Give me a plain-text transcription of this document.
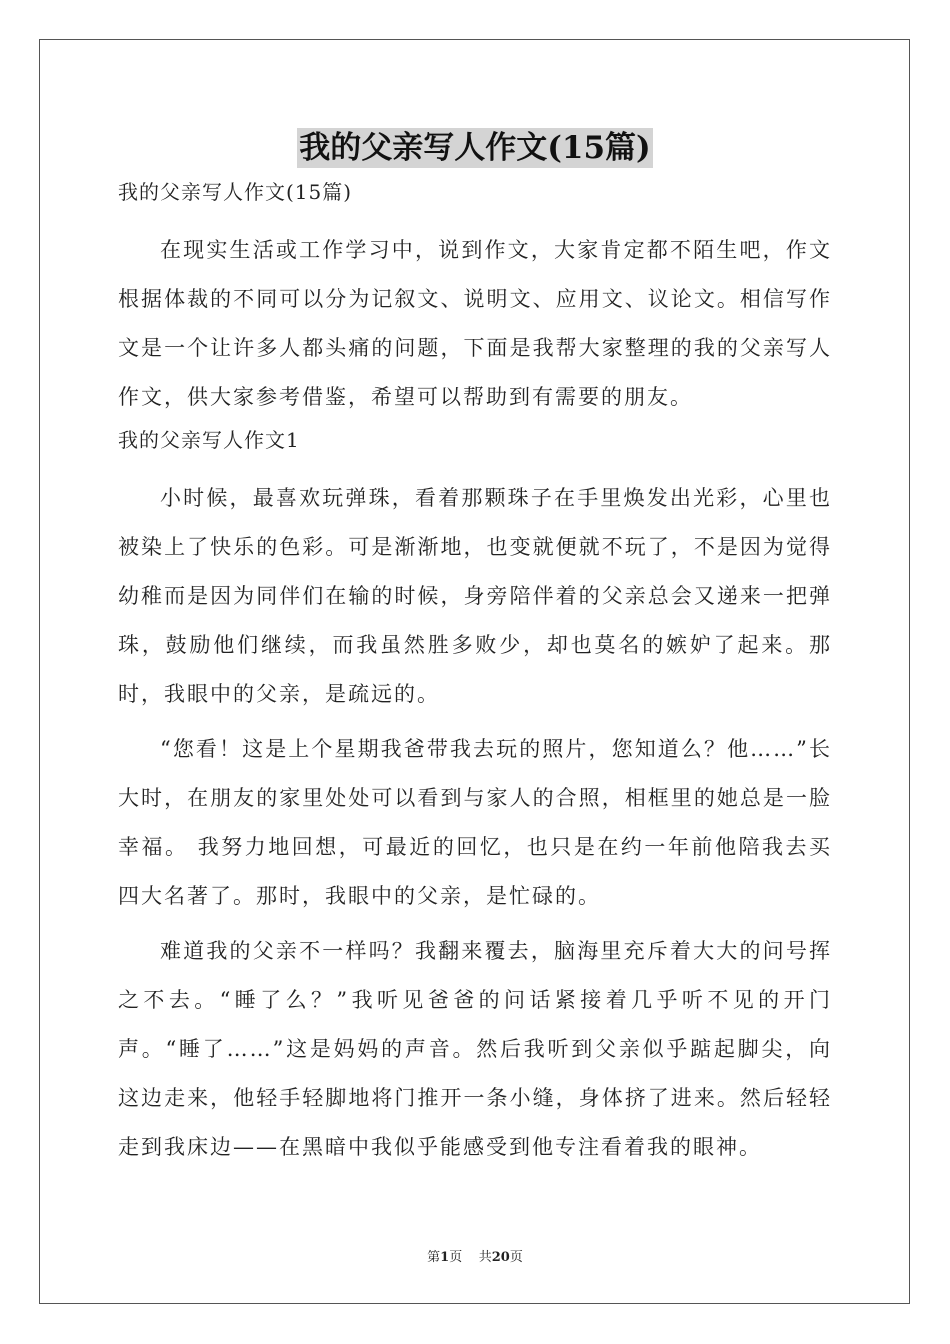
我的父亲写人作文(15篇)

我的父亲写人作文(15篇)

在现实生活或工作学习中，说到作文，大家肯定都不陌生吧，作文根据体裁的不同可以分为记叙文、说明文、应用文、议论文。相信写作文是一个让许多人都头痛的问题，下面是我帮大家整理的我的父亲写人作文，供大家参考借鉴，希望可以帮助到有需要的朋友。

我的父亲写人作文1

小时候，最喜欢玩弹珠，看着那颗珠子在手里焕发出光彩，心里也被染上了快乐的色彩。可是渐渐地，也变就便就不玩了，不是因为觉得幼稚而是因为同伴们在输的时候，身旁陪伴着的父亲总会又递来一把弹珠，鼓励他们继续，而我虽然胜多败少，却也莫名的嫉妒了起来。那时，我眼中的父亲，是疏远的。

“您看！这是上个星期我爸带我去玩的照片，您知道么？他……”长大时，在朋友的家里处处可以看到与家人的合照，相框里的她总是一脸幸福。 我努力地回想，可最近的回忆，也只是在约一年前他陪我去买四大名著了。那时，我眼中的父亲，是忙碌的。

难道我的父亲不一样吗？我翻来覆去，脑海里充斥着大大的问号挥之不去。“睡了么？”我听见爸爸的问话紧接着几乎听不见的开门声。“睡了……”这是妈妈的声音。然后我听到父亲似乎踮起脚尖，向这边走来，他轻手轻脚地将门推开一条小缝，身体挤了进来。然后轻轻走到我床边——在黑暗中我似乎能感受到他专注看着我的眼神。

第1页 共20页
